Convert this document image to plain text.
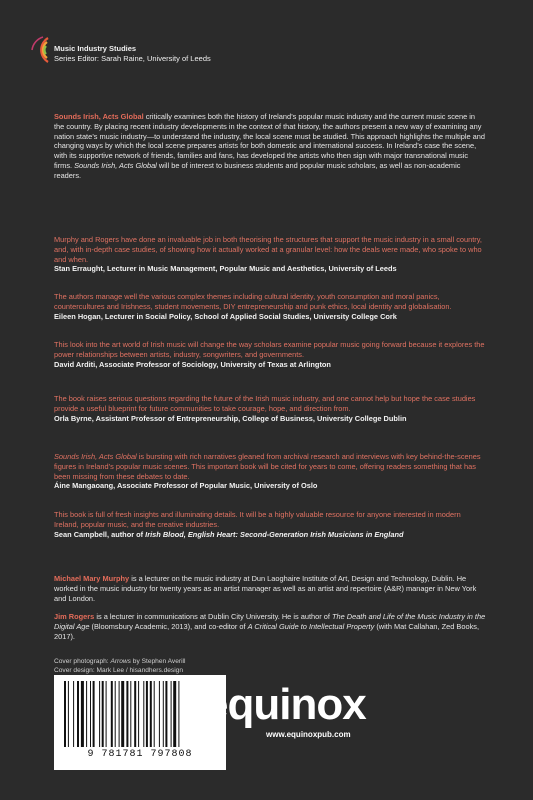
Music Industry Studies
Series Editor: Sarah Raine, University of Leeds
Sounds Irish, Acts Global critically examines both the history of Ireland’s popular music industry and the current music scene in the country. By placing recent industry developments in the context of that history, the authors present a new way of examining any nation state’s music industry—to understand the industry, the local scene must be studied. This approach highlights the multiple and changing ways by which the local scene prepares artists for both domestic and international success. In Ireland’s case the scene, with its supportive network of friends, families and fans, has developed the artists who then sign with major transnational music firms. Sounds Irish, Acts Global will be of interest to business students and popular music scholars, as well as non-academic readers.
Murphy and Rogers have done an invaluable job in both theorising the structures that support the music industry in a small country, and, with in-depth case studies, of showing how it actually worked at a granular level: how the deals were made, who spoke to who and when.
Stan Erraught, Lecturer in Music Management, Popular Music and Aesthetics, University of Leeds
The authors manage well the various complex themes including cultural identity, youth consumption and moral panics, countercultures and Irishness, student movements, DIY entrepreneurship and punk ethics, local identity and globalisation.
Eileen Hogan, Lecturer in Social Policy, School of Applied Social Studies, University College Cork
This look into the art world of Irish music will change the way scholars examine popular music going forward because it explores the power relationships between artists, industry, songwriters, and governments.
David Arditi, Associate Professor of Sociology, University of Texas at Arlington
The book raises serious questions regarding the future of the Irish music industry, and one cannot help but hope the case studies provide a useful blueprint for future communities to take courage, hope, and direction from.
Orla Byrne, Assistant Professor of Entrepreneurship, College of Business, University College Dublin
Sounds Irish, Acts Global is bursting with rich narratives gleaned from archival research and interviews with key behind-the-scenes figures in Ireland’s popular music scenes. This important book will be cited for years to come, offering readers something that has been missing from these debates to date.
Áine Mangaoang, Associate Professor of Popular Music, University of Oslo
This book is full of fresh insights and illuminating details. It will be a highly valuable resource for anyone interested in modern Ireland, popular music, and the creative industries.
Sean Campbell, author of Irish Blood, English Heart: Second-Generation Irish Musicians in England
Michael Mary Murphy is a lecturer on the music industry at Dun Laoghaire Institute of Art, Design and Technology, Dublin. He worked in the music industry for twenty years as an artist manager as well as an artist and repertoire (A&R) manager in New York and London.
Jim Rogers is a lecturer in communications at Dublin City University. He is author of The Death and Life of the Music Industry in the Digital Age (Bloomsbury Academic, 2013), and co-editor of A Critical Guide to Intellectual Property (with Mat Callahan, Zed Books, 2017).
Cover photograph: Arrows by Stephen Averill
Cover design: Mark Lee / hisandhers.design
9 781781 797808
equinox
www.equinoxpub.com
